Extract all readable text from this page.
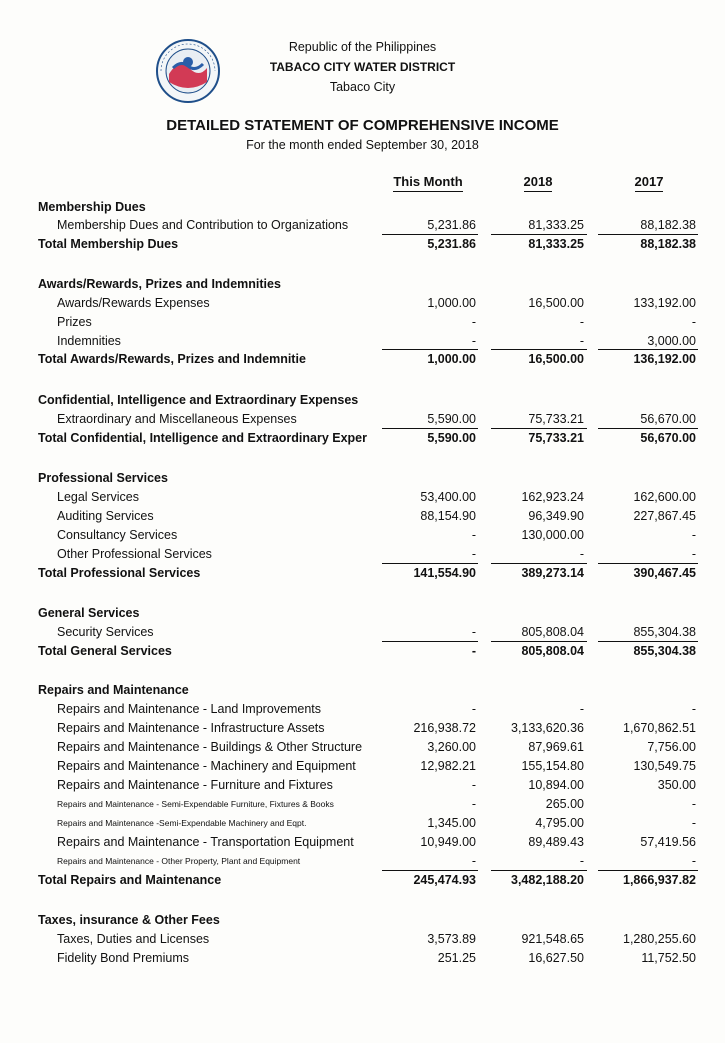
Republic of the Philippines
TABACO CITY WATER DISTRICT
Tabaco City
DETAILED STATEMENT OF COMPREHENSIVE INCOME
For the month ended September 30, 2018
This Month	2018	2017
Membership Dues
Membership Dues and Contribution to Organizations	5,231.86	81,333.25	88,182.38
Total Membership Dues	5,231.86	81,333.25	88,182.38
Awards/Rewards, Prizes and Indemnities
Awards/Rewards Expenses	1,000.00	16,500.00	133,192.00
Prizes	-	-	-
Indemnities	-	-	3,000.00
Total Awards/Rewards, Prizes and Indemnitie	1,000.00	16,500.00	136,192.00
Confidential, Intelligence and Extraordinary Expenses
Extraordinary and Miscellaneous Expenses	5,590.00	75,733.21	56,670.00
Total Confidential, Intelligence and Extraordinary Exper	5,590.00	75,733.21	56,670.00
Professional Services
Legal Services	53,400.00	162,923.24	162,600.00
Auditing Services	88,154.90	96,349.90	227,867.45
Consultancy Services	-	130,000.00	-
Other Professional Services	-	-	-
Total Professional Services	141,554.90	389,273.14	390,467.45
General Services
Security Services	-	805,808.04	855,304.38
Total General Services	-	805,808.04	855,304.38
Repairs and Maintenance
Repairs and Maintenance - Land Improvements	-	-	-
Repairs and Maintenance - Infrastructure Assets	216,938.72	3,133,620.36	1,670,862.51
Repairs and Maintenance - Buildings & Other Structure	3,260.00	87,969.61	7,756.00
Repairs and Maintenance - Machinery and Equipment	12,982.21	155,154.80	130,549.75
Repairs and Maintenance - Furniture and Fixtures	-	10,894.00	350.00
Repairs and Maintenance - Semi-Expendable Furniture, Fixtures & Books	-	265.00	-
Repairs and Maintenance -Semi-Expendable Machinery and Eqpt.	1,345.00	4,795.00	-
Repairs and Maintenance - Transportation Equipment	10,949.00	89,489.43	57,419.56
Repairs and Maintenance - Other Property, Plant and Equipment	-	-	-
Total Repairs and Maintenance	245,474.93	3,482,188.20	1,866,937.82
Taxes, insurance & Other Fees
Taxes, Duties and Licenses	3,573.89	921,548.65	1,280,255.60
Fidelity Bond Premiums	251.25	16,627.50	11,752.50
